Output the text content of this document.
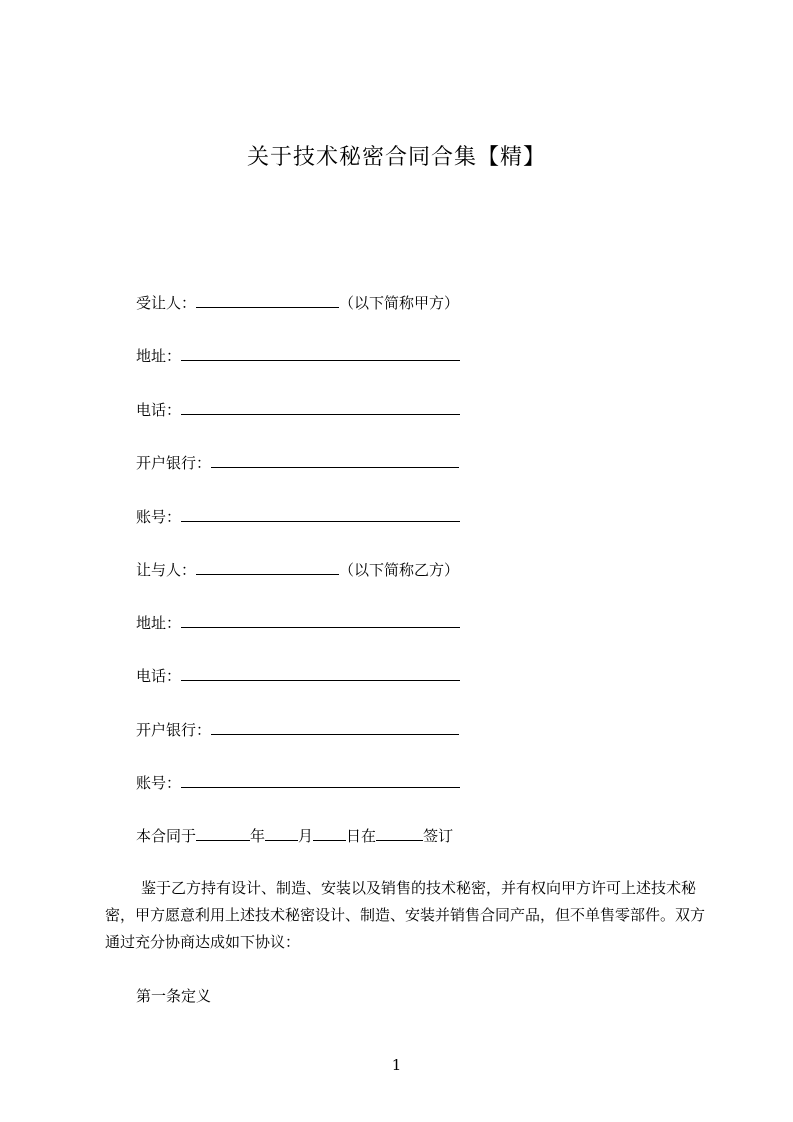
关于技术秘密合同合集【精】
受让人：	（以下简称甲方）
地址：
电话：
开户银行：
账号：
让与人：	（以下简称乙方）
地址：
电话：
开户银行：
账号：
本合同于	年 月 日在	签订

鉴于乙方持有设计、制造、安装以及销售的技术秘密，并有权向甲方许可上述技术秘密，甲方愿意利用上述技术秘密设计、制造、安装并销售合同产品，但不单售零部件。双方通过充分协商达成如下协议：

第一条定义
1
